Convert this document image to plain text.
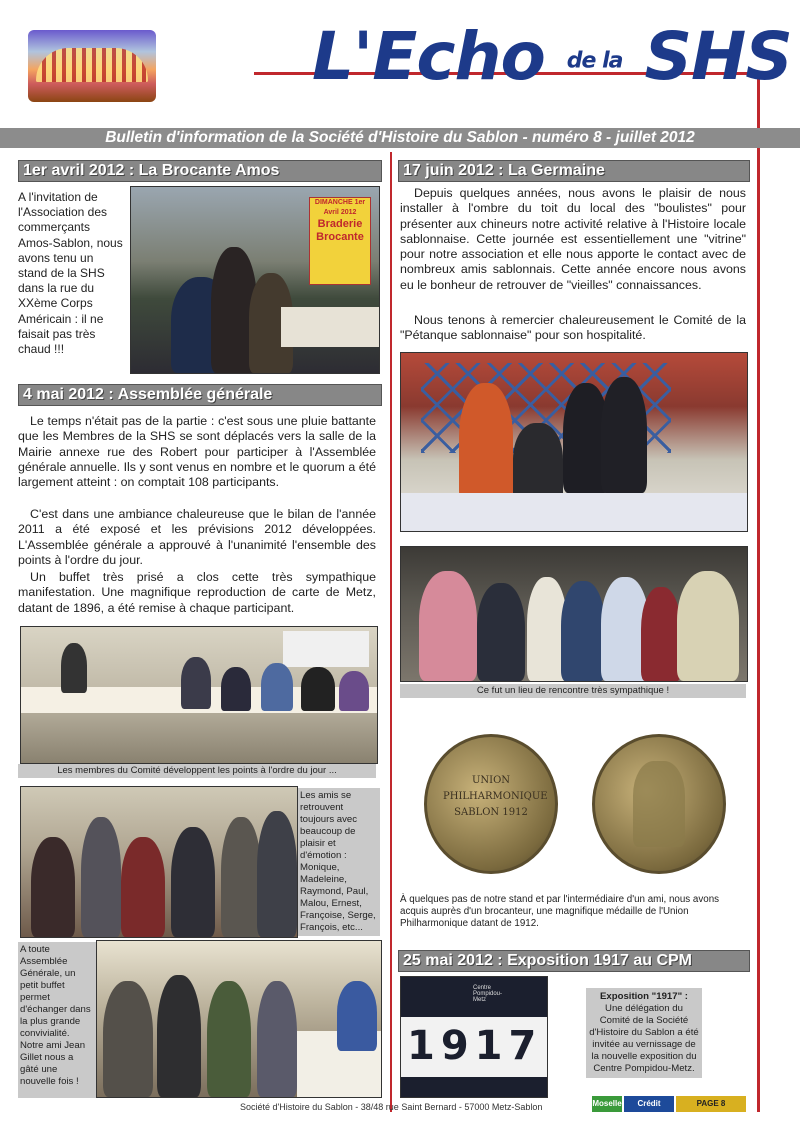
L'Echo de la SHS
Bulletin d'information de la Société d'Histoire du Sablon - numéro 8 - juillet 2012
1er avril 2012 : La Brocante Amos
A l'invitation de l'Association des commerçants Amos-Sablon, nous avons tenu un stand de la SHS dans la rue du XXème Corps Américain : il ne faisait pas très chaud !!!
DIMANCHE 1er Avril 2012
Braderie Brocante
4 mai 2012 : Assemblée générale
Le temps n'était pas de la partie : c'est sous une pluie battante que les Membres de la SHS se sont déplacés vers la salle de la Mairie annexe rue des Robert pour participer à l'Assemblée générale annuelle. Ils y sont venus en nombre et le quorum a été largement atteint : on comptait 108 participants.
C'est dans une ambiance chaleureuse que le bilan de l'année 2011 a été exposé et les prévisions 2012 développées. L'Assemblée générale a approuvé à l'unanimité l'ensemble des points à l'ordre du jour.
Un buffet très prisé a clos cette très sympathique manifestation. Une magnifique reproduction de carte de Metz, datant de 1896, a été remise à chaque participant.
Les membres du Comité développent les points à l'ordre du jour ...
Les amis se retrouvent toujours avec beaucoup de plaisir et d'émotion : Monique, Madeleine, Raymond, Paul, Malou, Ernest, Françoise, Serge, François, etc...
A toute Assemblée Générale, un petit buffet permet d'échanger dans la plus grande convivialité. Notre ami Jean Gillet nous a gâté une nouvelle fois !
17 juin 2012 : La Germaine
Depuis quelques années, nous avons le plaisir de nous installer à l'ombre du toit du local des "boulistes" pour présenter aux chineurs notre activité relative à l'Histoire locale sablonnaise. Cette journée est essentiellement une "vitrine" pour notre association et elle nous apporte le contact avec de nombreux amis sablonnais. Cette année encore nous avons eu le bonheur de retrouver de "vieilles" connaissances.
Nous tenons à remercier chaleureusement le Comité de la "Pétanque sablonnaise" pour son hospitalité.
Ce fut un lieu de rencontre très sympathique !
UNION PHILHARMONIQUE SABLON 1912
À quelques pas de notre stand et par l'intermédiaire d'un ami, nous avons acquis auprès d'un brocanteur, une magnifique médaille de l'Union Philharmonique datant de 1912.
25 mai 2012 : Exposition 1917 au CPM
1917
Centre Pompidou-Metz	Exposition "1917" :
Une délégation du Comité de la Société d'Histoire du Sablon a été invitée au vernissage de la nouvelle exposition du Centre Pompidou-Metz.
Société d'Histoire du Sablon - 38/48 rue Saint Bernard - 57000 Metz-Sablon	Moselle	Crédit Mutuel
PAGE 8
